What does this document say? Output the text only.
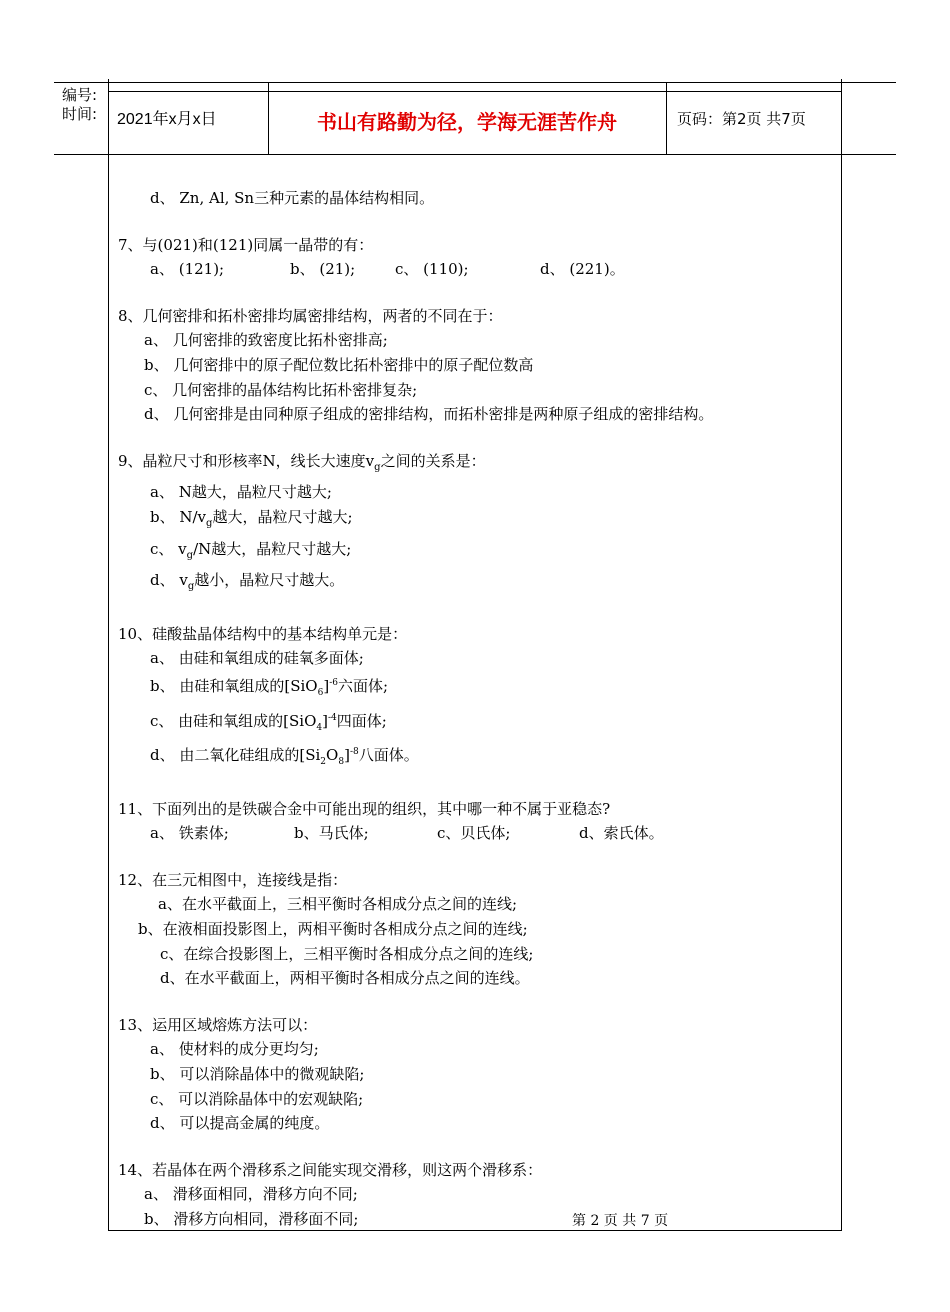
编号:
时间: 2021年x月x日	书山有路勤为径，学海无涯苦作舟	页码：第2页 共7页
d、 Zn, Al, Sn三种元素的晶体结构相同。
7、与(021)和(121)同属一晶带的有：
a、 (121);	b、 (21);	c、 (110);	d、 (221)。
8、几何密排和拓朴密排均属密排结构，两者的不同在于：
a、 几何密排的致密度比拓朴密排高;
b、 几何密排中的原子配位数比拓朴密排中的原子配位数高
c、 几何密排的晶体结构比拓朴密排复杂;
d、 几何密排是由同种原子组成的密排结构，而拓朴密排是两种原子组成的密排结构。
9、晶粒尺寸和形核率N，线长大速度$v_g$之间的关系是：
a、 N越大，晶粒尺寸越大;
b、 $N/v_g$越大，晶粒尺寸越大;
c、 $v_g/N$越大，晶粒尺寸越大;
d、 $v_g$越小，晶粒尺寸越大。
10、硅酸盐晶体结构中的基本结构单元是：
a、 由硅和氧组成的硅氧多面体;
b、 由硅和氧组成的$[SiO_6]^{-6}$六面体;
c、 由硅和氧组成的$[SiO_4]^{-4}$四面体;
d、 由二氧化硅组成的$[Si_2O_8]^{-8}$八面体。
11、下面列出的是铁碳合金中可能出现的组织，其中哪一种不属于亚稳态?
a、 铁素体;	b、马氏体;	c、贝氏体;	d、索氏体。
12、在三元相图中，连接线是指：
a、在水平截面上，三相平衡时各相成分点之间的连线;
b、在液相面投影图上，两相平衡时各相成分点之间的连线;
c、在综合投影图上，三相平衡时各相成分点之间的连线;
d、在水平截面上，两相平衡时各相成分点之间的连线。
13、运用区域熔炼方法可以：
a、 使材料的成分更均匀;
b、 可以消除晶体中的微观缺陷;
c、 可以消除晶体中的宏观缺陷;
d、 可以提高金属的纯度。
14、若晶体在两个滑移系之间能实现交滑移，则这两个滑移系：
a、 滑移面相同，滑移方向不同;
b、 滑移方向相同，滑移面不同;	第 2 页 共 7 页
